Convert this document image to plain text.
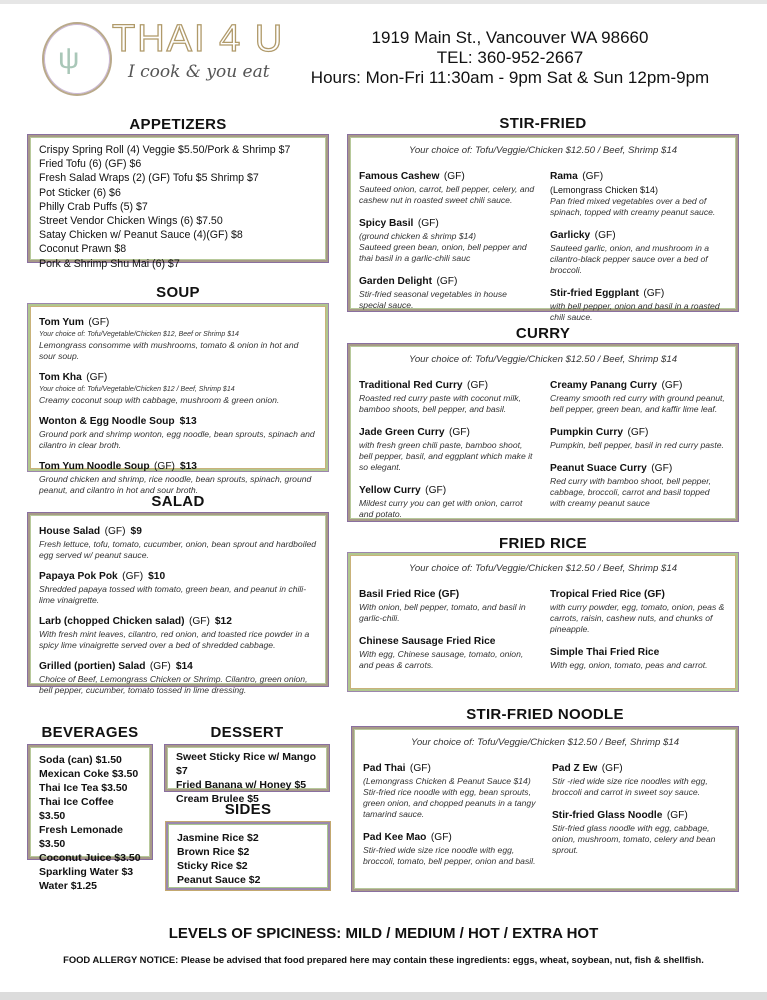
ψ THAI 4 U
I cook & you eat
1919 Main St., Vancouver WA 98660
TEL: 360-952-2667
Hours: Mon-Fri 11:30am - 9pm Sat & Sun 12pm-9pm
APPETIZERS
Crispy Spring Roll (4) Veggie $5.50/Pork & Shrimp $7
Fried Tofu (6) (GF) $6
Fresh Salad Wraps (2) (GF) Tofu $5 Shrimp $7
Pot Sticker (6) $6
Philly Crab Puffs (5) $7
Street Vendor Chicken Wings (6) $7.50
Satay Chicken w/ Peanut Sauce (4)(GF) $8
Coconut Prawn $8
Pork & Shrimp Shu Mai (6) $7
SOUP
Tom Yum (GF)
Your choice of: Tofu/Vegetable/Chicken $12, Beef or Shrimp $14
Lemongrass consomme with mushrooms, tomato & onion in hot and sour soup.
Tom Kha (GF)
Your choice of: Tofu/Vegetable/Chicken $12 / Beef, Shrimp $14
Creamy coconut soup with cabbage, mushroom & green onion.
Wonton & Egg Noodle Soup $13
Ground pork and shrimp wonton, egg noodle, bean sprouts, spinach and cilantro in clear broth.
Tom Yum Noodle Soup (GF) $13
Ground chicken and shrimp, rice noodle, bean sprouts, spinach, ground peanut, and cilantro in hot and sour broth.
SALAD
House Salad (GF) $9
Fresh lettuce, tofu, tomato, cucumber, onion, bean sprout and hardboiled egg served w/ peanut sauce.
Papaya Pok Pok (GF) $10
Shredded papaya tossed with tomato, green bean, and peanut in chili-lime vinaigrette.
Larb (chopped Chicken salad) (GF) $12
With fresh mint leaves, cilantro, red onion, and toasted rice powder in a spicy lime vinaigrette served over a bed of shredded cabbage.
Grilled (portien) Salad (GF) $14
Choice of Beef, Lemongrass Chicken or Shrimp. Cilantro, green onion, bell pepper, cucumber, tomato tossed in lime dressing.
BEVERAGES
Soda (can) $1.50
Mexican Coke $3.50
Thai Ice Tea $3.50
Thai Ice Coffee $3.50
Fresh Lemonade $3.50
Coconut Juice $3.50
Sparkling Water $3
Water $1.25
DESSERT
Sweet Sticky Rice w/ Mango $7
Fried Banana w/ Honey $5
Cream Brulee $5
SIDES
Jasmine Rice $2
Brown Rice $2
Sticky Rice $2
Peanut Sauce $2
STIR-FRIED
Your choice of: Tofu/Veggie/Chicken $12.50 / Beef, Shrimp $14
Famous Cashew (GF)
Sauteed onion, carrot, bell pepper, celery, and cashew nut in roasted sweet chili sauce.
Spicy Basil (GF)
(ground chicken & shrimp $14)
Sauteed green bean, onion, bell pepper and thai basil in a garlic-chili sauc
Garden Delight (GF)
Stir-fried seasonal vegetables in house special sauce.
Rama (GF)
(Lemongrass Chicken $14)
Pan fried mixed vegetables over a bed of spinach, topped with creamy peanut sauce.
Garlicky (GF)
Sauteed garlic, onion, and mushroom in a cilantro-black pepper sauce over a bed of broccoli.
Stir-fried Eggplant (GF)
with bell pepper, onion and basil in a roasted chili sauce.
CURRY
Your choice of: Tofu/Veggie/Chicken $12.50 / Beef, Shrimp $14
Traditional Red Curry (GF)
Roasted red curry paste with coconut milk, bamboo shoots, bell pepper, and basil.
Jade Green Curry (GF)
with fresh green chili paste, bamboo shoot, bell pepper, basil, and eggplant which make it so elegant.
Yellow Curry (GF)
Mildest curry you can get with onion, carrot and potato.
Creamy Panang Curry (GF)
Creamy smooth red curry with ground peanut, bell pepper, green bean, and kaffir lime leaf.
Pumpkin Curry (GF)
Pumpkin, bell pepper, basil in red curry paste.
Peanut Suace Curry (GF)
Red curry with bamboo shoot, bell pepper, cabbage, broccoli, carrot and basil topped with creamy peanut sauce
FRIED RICE
Your choice of: Tofu/Veggie/Chicken $12.50 / Beef, Shrimp $14
Basil Fried Rice (GF)
With onion, bell pepper, tomato, and basil in garlic-chili.
Chinese Sausage Fried Rice
With egg, Chinese sausage, tomato, onion, and peas & carrots.
Tropical Fried Rice (GF)
with curry powder, egg, tomato, onion, peas & carrots, raisin, cashew nuts, and chunks of pineapple.
Simple Thai Fried Rice
With egg, onion, tomato, peas and carrot.
STIR-FRIED NOODLE
Your choice of: Tofu/Veggie/Chicken $12.50 / Beef, Shrimp $14
Pad Thai (GF)
(Lemongrass Chicken & Peanut Sauce $14)
Stir-fried rice noodle with egg, bean sprouts, green onion, and chopped peanuts in a tangy tamarind sauce.
Pad Kee Mao (GF)
Stir-fried wide size rice noodle with egg, broccoli, tomato, bell pepper, onion and basil.
Pad Z Ew (GF)
Stir -ried wide size rice noodles with egg, broccoli and carrot in sweet soy sauce.
Stir-fried Glass Noodle (GF)
Stir-fried glass noodle with egg, cabbage, onion, mushroom, tomato, celery and bean sprout.
LEVELS OF SPICINESS: MILD / MEDIUM / HOT / EXTRA HOT
FOOD ALLERGY NOTICE: Please be advised that food prepared here may contain these ingredients: eggs, wheat, soybean, nut, fish & shellfish.
